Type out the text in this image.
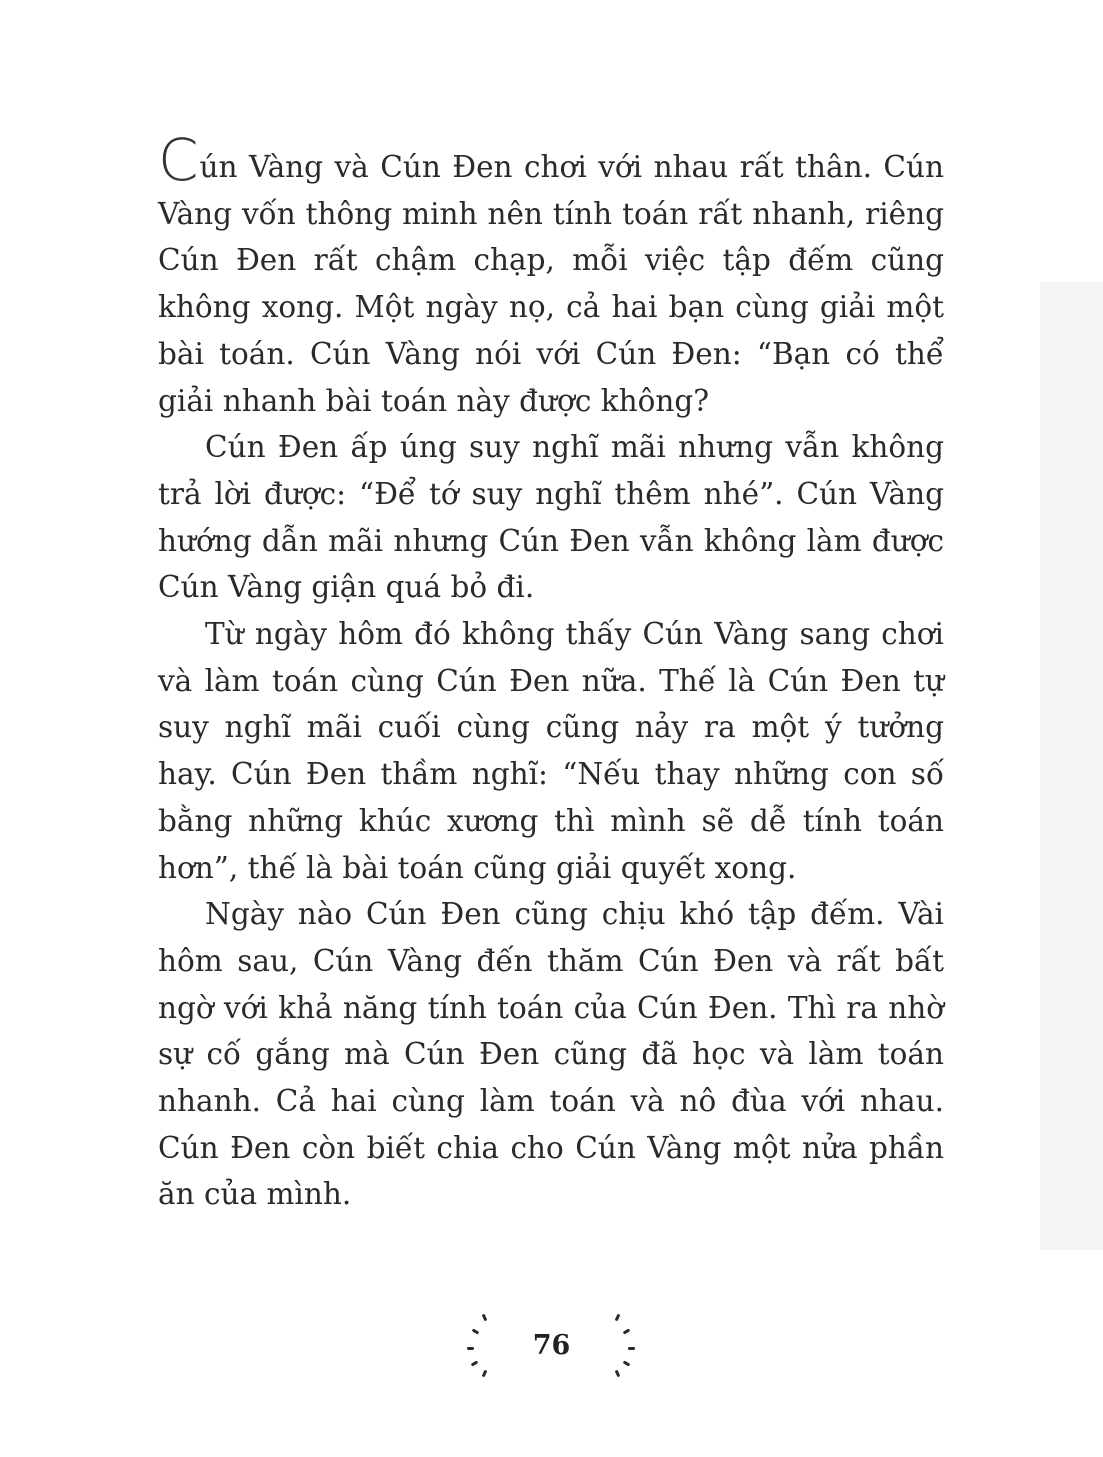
Cún Vàng và Cún Đen chơi với nhau rất thân. Cún Vàng vốn thông minh nên tính toán rất nhanh, riêng Cún Đen rất chậm chạp, mỗi việc tập đếm cũng không xong. Một ngày nọ, cả hai bạn cùng giải một bài toán. Cún Vàng nói với Cún Đen: “Bạn có thể giải nhanh bài toán này được không?

Cún Đen ấp úng suy nghĩ mãi nhưng vẫn không trả lời được: “Để tớ suy nghĩ thêm nhé”. Cún Vàng hướng dẫn mãi nhưng Cún Đen vẫn không làm được Cún Vàng giận quá bỏ đi.

Từ ngày hôm đó không thấy Cún Vàng sang chơi và làm toán cùng Cún Đen nữa. Thế là Cún Đen tự suy nghĩ mãi cuối cùng cũng nảy ra một ý tưởng hay. Cún Đen thầm nghĩ: “Nếu thay những con số bằng những khúc xương thì mình sẽ dễ tính toán hơn”, thế là bài toán cũng giải quyết xong.

Ngày nào Cún Đen cũng chịu khó tập đếm. Vài hôm sau, Cún Vàng đến thăm Cún Đen và rất bất ngờ với khả năng tính toán của Cún Đen. Thì ra nhờ sự cố gắng mà Cún Đen cũng đã học và làm toán nhanh. Cả hai cùng làm toán và nô đùa với nhau. Cún Đen còn biết chia cho Cún Vàng một nửa phần ăn của mình.

76
